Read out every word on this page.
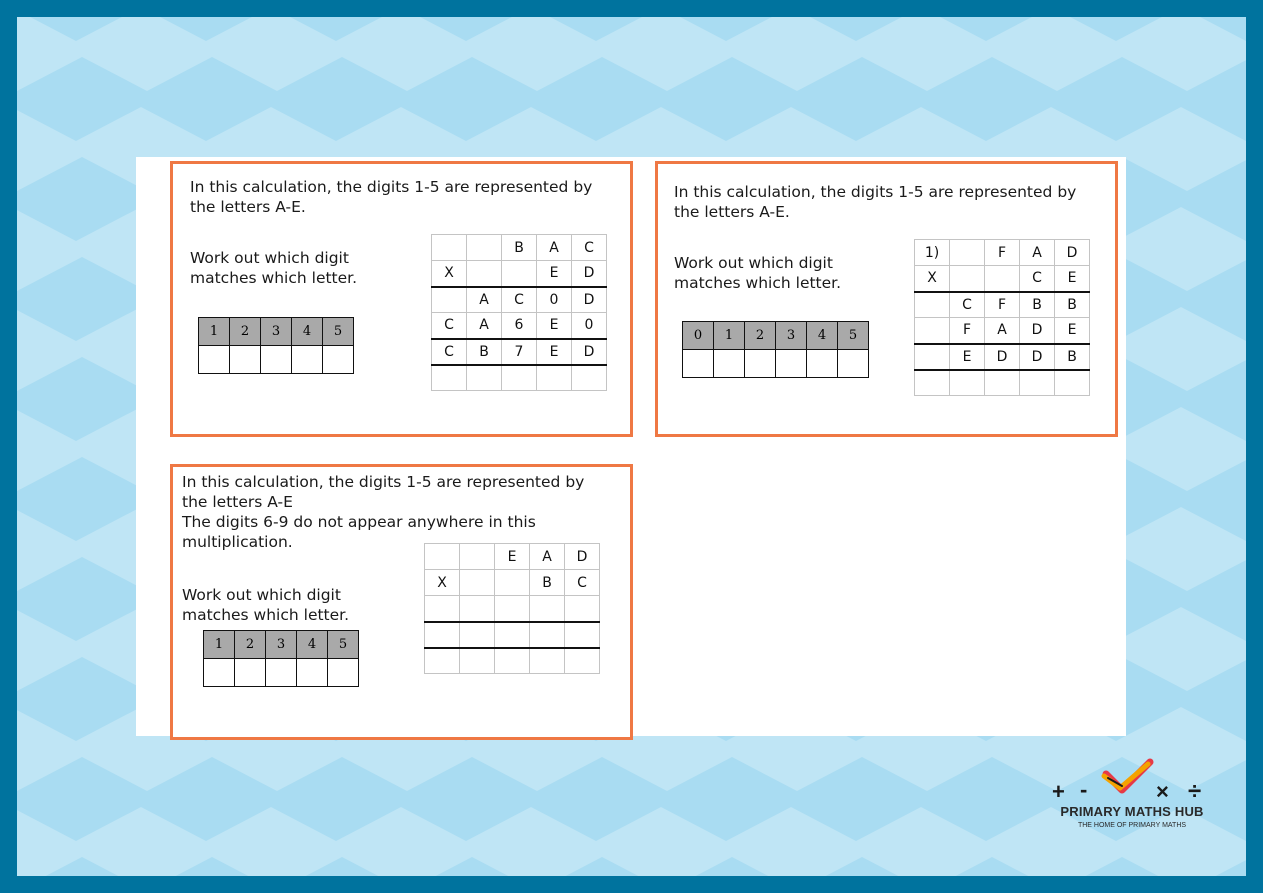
In this calculation, the digits 1-5 are represented by
the letters A-E.
Work out which digit
matches which letter.
1	2	3	4	5

		B	A	C
X			E	D
	A	C	0	D
C	A	6	E	0
C	B	7	E	D

In this calculation, the digits 1-5 are represented by
the letters A-E.
Work out which digit
matches which letter.
0	1	2	3	4	5

1)		F	A	D
X			C	E
	C	F	B	B
	F	A	D	E
	E	D	D	B

In this calculation, the digits 1-5 are represented by
the letters A-E
The digits 6-9 do not appear anywhere in this
multiplication.
Work out which digit
matches which letter.
1	2	3	4	5

		E	A	D
X			B	C

+ -	× ÷
PRIMARY MATHS HUB
THE HOME OF PRIMARY MATHS
